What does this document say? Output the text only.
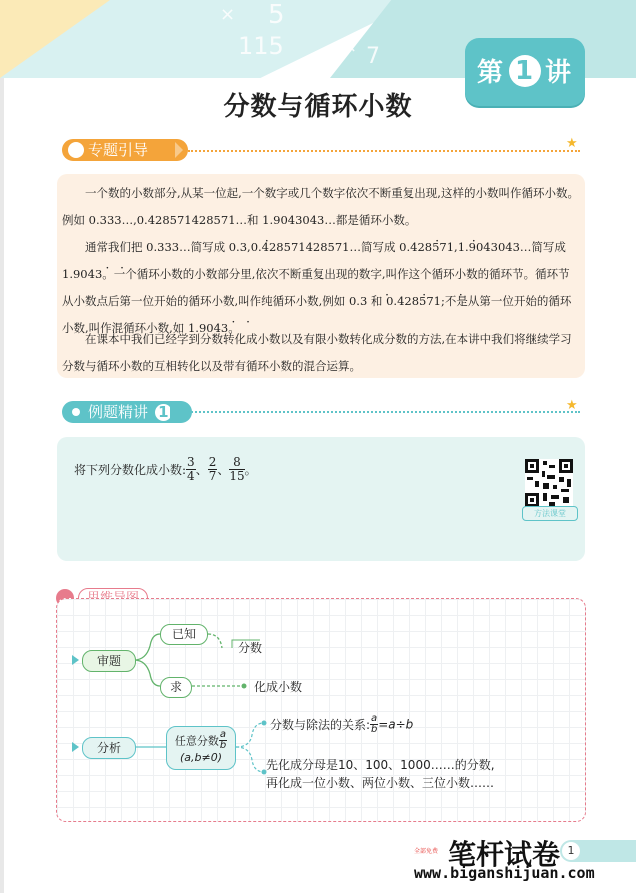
× 5
115	× 7
第 1 讲
分数与循环小数
专题引导	★
一个数的小数部分,从某一位起,一个数字或几个数字依次不断重复出现,这样的小数叫作循环小数。例如 0.333…,0.428571428571…和 1.9043043…都是循环小数。
通常我们把 0.333…简写成 0.3 ·,0.428571428571…简写成 0.4 ·28571 ·,1.9043043…简写成 1.90 ·43 ·。一个循环小数的小数部分里,依次不断重复出现的数字,叫作这个循环小数的循环节。循环节从小数点后第一位开始的循环小数,叫作纯循环小数,例如 0.3 · 和 0.4 ·28571 ·;不是从第一位开始的循环小数,叫作混循环小数,如 1.90 ·43 ·。
在课本中我们已经学到分数转化成小数以及有限小数转化成分数的方法,在本讲中我们将继续学习分数与循环小数的互相转化以及带有循环小数的混合运算。
例题精讲 1	★
将下列分数化成小数: $\frac{3}{4}$ 、 $\frac{2}{7}$ 、 $\frac{8}{15}$ 。
方法课堂
审题
已知
分数
求	化成小数
分析	任意分数 $\frac{a}{b}$
(a,b≠0)
分数与除法的关系: $\frac{a}{b} =a\div b$
先化成分母是10、100、1000……的分数,
再化成一位小数、两位小数、三位小数……
全部免费 笔杆试卷
www.biganshijuan.com
1
